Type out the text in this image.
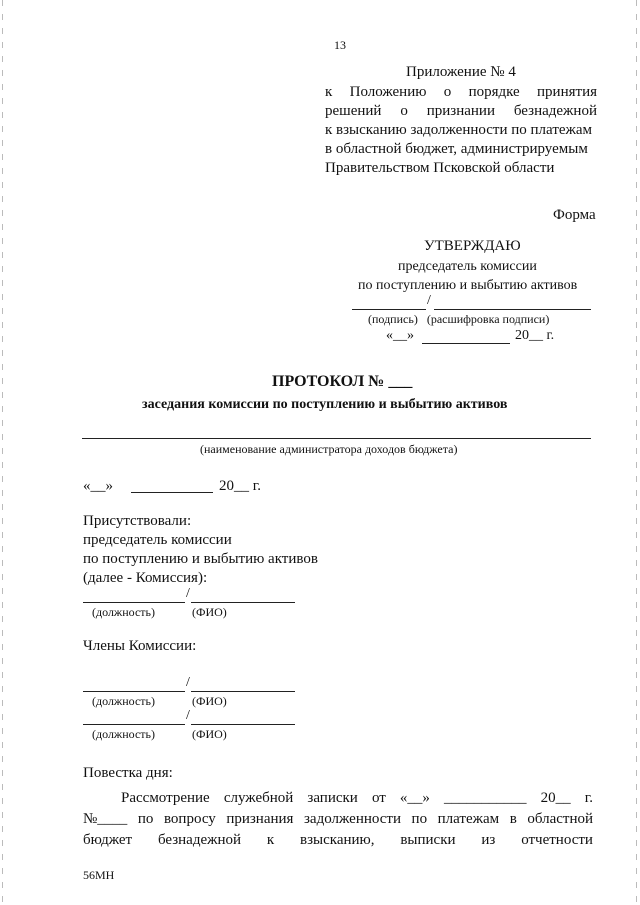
13
Приложение № 4
к Положению о порядке принятия
решений о признании безнадежной
к взысканию задолженности по платежам
в областной бюджет, администрируемым
Правительством Псковской области
Форма
УТВЕРЖДАЮ
председатель комиссии
по поступлению и выбытию активов
/
(подпись)   (расшифровка подписи)
«__»	20__ г.
ПРОТОКОЛ № ___
заседания комиссии по поступлению и выбытию активов
(наименование администратора доходов бюджета)
«__»	20__ г.
Присутствовали:
председатель комиссии
по поступлению и выбытию активов
(далее - Комиссия):
/
(должность)	(ФИО)
Члены Комиссии:
/
(должность)	(ФИО)
/
(должность)	(ФИО)
Повестка дня:
Рассмотрение служебной записки от «__» ___________ 20__ г.
№____ по вопросу признания задолженности по платежам в областной
бюджет безнадежной к взысканию, выписки из отчетности
56МН
